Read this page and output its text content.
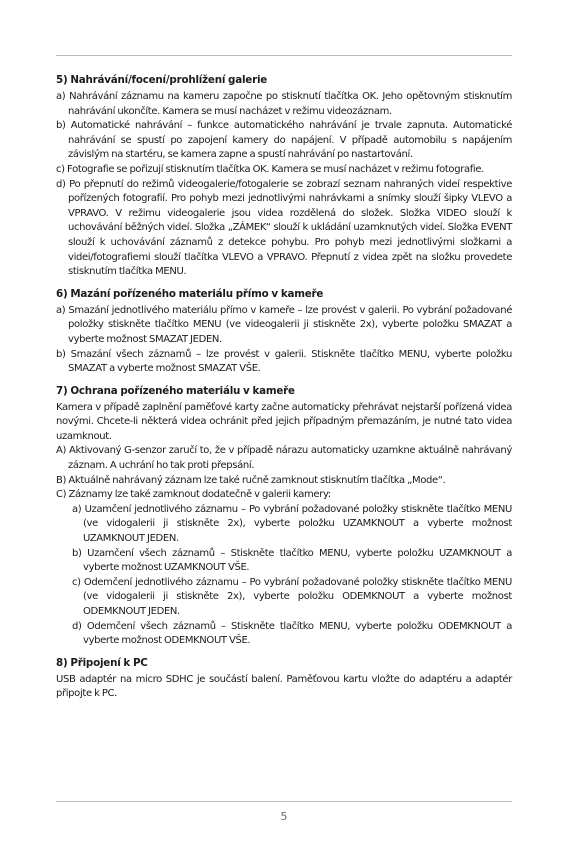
5) Nahrávání/focení/prohlížení galerie
a) Nahrávání záznamu na kameru započne po stisknutí tlačítka OK. Jeho opětovným stisknutím nahrávání ukončíte. Kamera se musí nacházet v režimu videozáznam.
b) Automatické nahrávání – funkce automatického nahrávání je trvale zapnuta. Automatické nahrávání se spustí po zapojení kamery do napájení. V případě automobilu s napájením závislým na startéru, se kamera zapne a spustí nahrávání po nastartování.
c) Fotografie se pořizují stisknutím tlačítka OK. Kamera se musí nacházet v režimu fotografie.
d) Po přepnutí do režimů videogalerie/fotogalerie se zobrazí seznam nahraných videí respektive pořízených fotografií. Pro pohyb mezi jednotlivými nahrávkami a snímky slouží šipky VLEVO a VPRAVO. V režimu videogalerie jsou videa rozdělená do složek. Složka VIDEO slouží k uchovávání běžných videí. Složka „ZÁMEK“ slouží k ukládání uzamknutých videí. Složka EVENT slouží k uchovávání záznamů z detekce pohybu. Pro pohyb mezi jednotlivými složkami a videi/fotografiemi slouží tlačítka VLEVO a VPRAVO. Přepnutí z videa zpět na složku provedete stisknutím tlačítka MENU.
6) Mazání pořízeného materiálu přímo v kameře
a) Smazání jednotlivého materiálu přímo v kameře – lze provést v galerii. Po vybrání požadované položky stiskněte tlačítko MENU (ve videogalerii ji stiskněte 2x), vyberte položku SMAZAT a vyberte možnost SMAZAT JEDEN.
b) Smazání všech záznamů – lze provést v galerii. Stiskněte tlačítko MENU, vyberte položku SMAZAT a vyberte možnost SMAZAT VŠE.
7) Ochrana pořízeného materiálu v kameře

Kamera v případě zaplnění paměťové karty začne automaticky přehrávat nejstarší pořízená videa novými. Chcete-li některá videa ochránit před jejich případným přemazáním, je nutné tato videa uzamknout.

A) Aktivovaný G-senzor zaručí to, že v případě nárazu automaticky uzamkne aktuálně nahrávaný záznam. A uchrání ho tak proti přepsání.
B) Aktuálně nahrávaný záznam lze také ručně zamknout stisknutím tlačítka „Mode“.
C) Záznamy lze také zamknout dodatečně v galerii kamery:
a) Uzamčení jednotlivého záznamu – Po vybrání požadované položky stiskněte tlačítko MENU (ve vidogalerii ji stiskněte 2x), vyberte položku UZAMKNOUT a vyberte možnost UZAMKNOUT JEDEN.
b) Uzamčení všech záznamů – Stiskněte tlačítko MENU, vyberte položku UZAMKNOUT a vyberte možnost UZAMKNOUT VŠE.
c) Odemčení jednotlivého záznamu – Po vybrání požadované položky stiskněte tlačítko MENU (ve vidogalerii ji stiskněte 2x), vyberte položku ODEMKNOUT a vyberte možnost ODEMKNOUT JEDEN.
d) Odemčení všech záznamů – Stiskněte tlačítko MENU, vyberte položku ODEMKNOUT a vyberte možnost ODEMKNOUT VŠE.
8) Připojení k PC

USB adaptér na micro SDHC je součástí balení. Paměťovou kartu vložte do adaptéru a adaptér připojte k PC.

5
